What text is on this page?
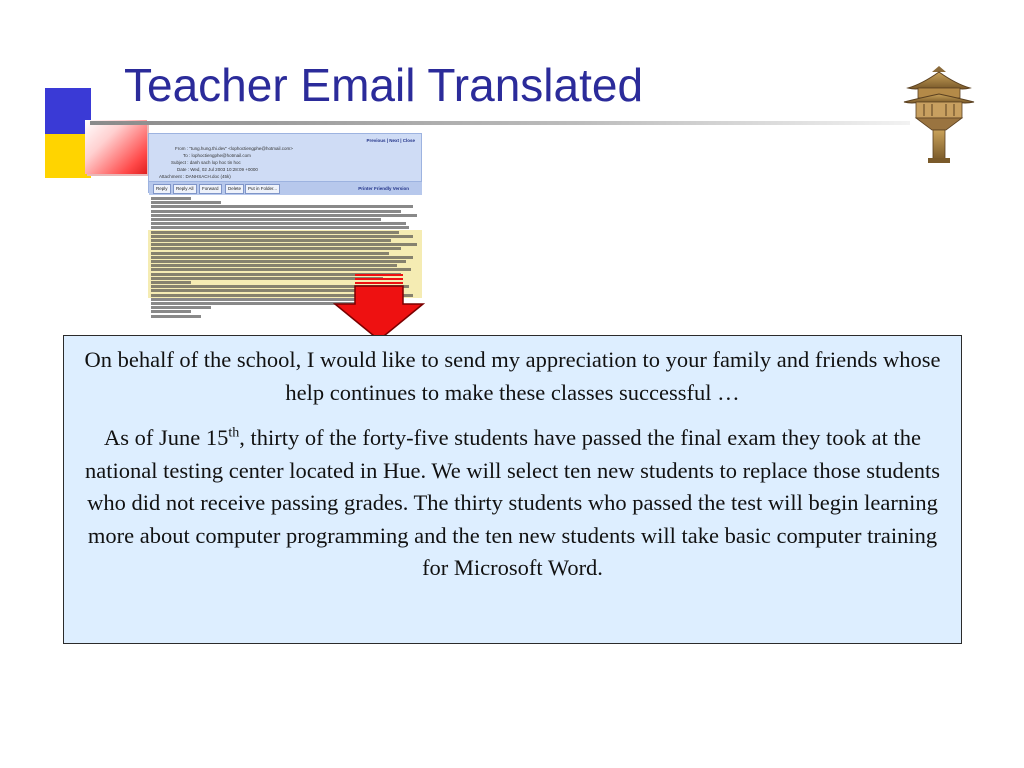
Teacher Email Translated
Previous | Next | Close
From : "tung.hung.thi.dev" <lophoctiengphe@hotmail.com>
To : lophoctiengphe@hotmail.com
Subject : danh sach lop hoc tin hoc
Date : Wed, 02 Jul 2003 10:28:09 +0000
Attachment : DANHSACH.doc (45k)
Reply	Reply All	Forward	Delete	Put in Folder...	Printer Friendly Version

On behalf of the school, I would like to send my appreciation to your family and friends whose help continues to make these classes successful …

As of June 15th, thirty of the forty-five students have passed the final exam they took at the national testing center located in Hue. We will select ten new students to replace those students who did not receive passing grades. The thirty students who passed the test will begin learning more about computer programming and the ten new students will take basic computer training for Microsoft Word.
